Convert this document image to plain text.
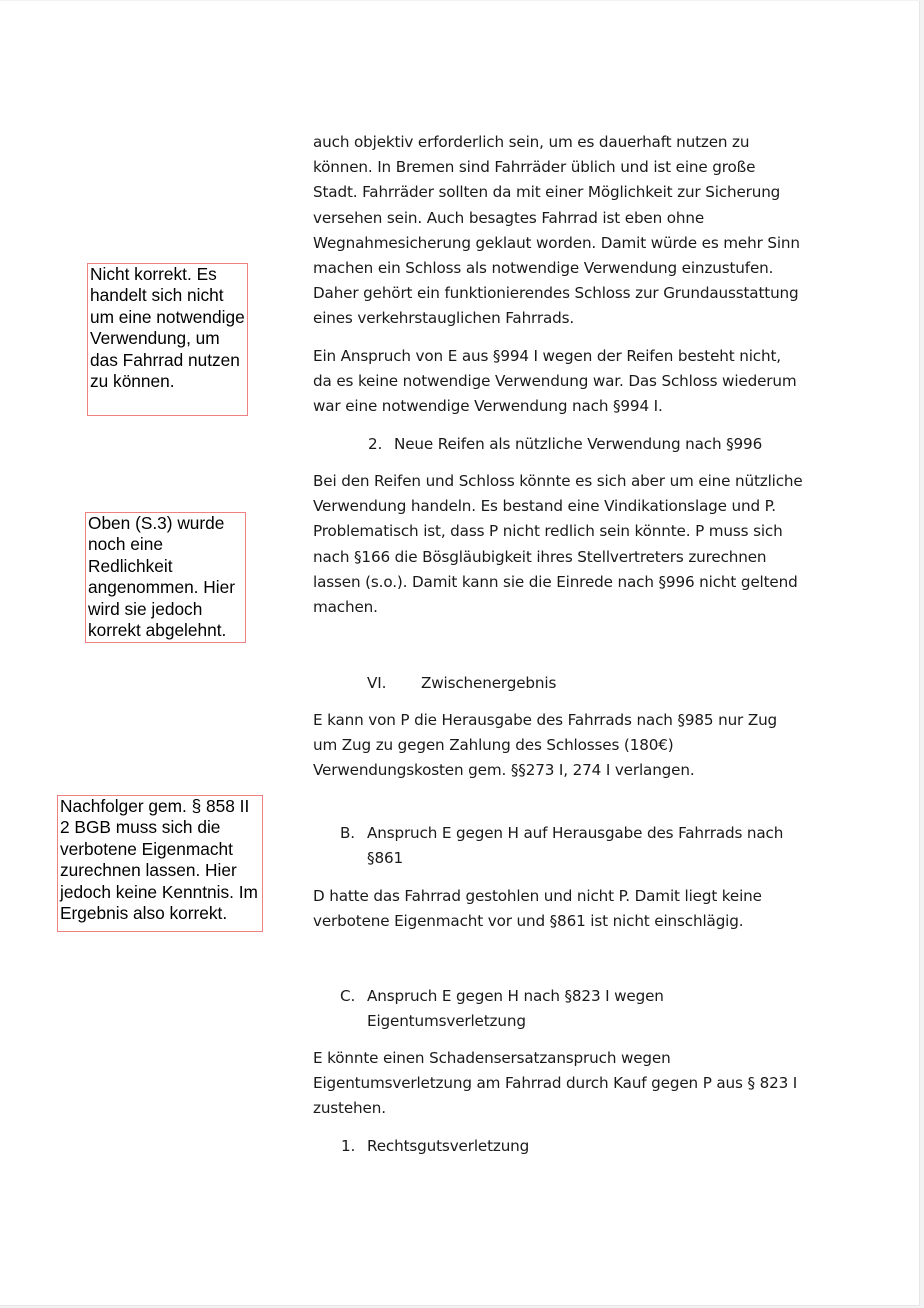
Nicht korrekt. Es handelt sich nicht um eine notwendige Verwendung, um das Fahrrad nutzen zu können.
Oben (S.3) wurde noch eine Redlichkeit angenommen. Hier wird sie jedoch korrekt abgelehnt.
Nachfolger gem. § 858 II 2 BGB muss sich die verbotene Eigenmacht zurechnen lassen. Hier jedoch keine Kenntnis. Im Ergebnis also korrekt.

auch objektiv erforderlich sein, um es dauerhaft nutzen zu können. In Bremen sind Fahrräder üblich und ist eine große Stadt. Fahrräder sollten da mit einer Möglichkeit zur Sicherung versehen sein. Auch besagtes Fahrrad ist eben ohne Wegnahmesicherung geklaut worden. Damit würde es mehr Sinn machen ein Schloss als notwendige Verwendung einzustufen. Daher gehört ein funktionierendes Schloss zur Grundausstattung eines verkehrstauglichen Fahrrads.

Ein Anspruch von E aus §994 I wegen der Reifen besteht nicht, da es keine notwendige Verwendung war. Das Schloss wiederum war eine notwendige Verwendung nach §994 I.

2. Neue Reifen als nützliche Verwendung nach §996

Bei den Reifen und Schloss könnte es sich aber um eine nützliche Verwendung handeln. Es bestand eine Vindikationslage und P. Problematisch ist, dass P nicht redlich sein könnte. P muss sich nach §166 die Bösgläubigkeit ihres Stellvertreters zurechnen lassen (s.o.). Damit kann sie die Einrede nach §996 nicht geltend machen.

VI. Zwischenergebnis

E kann von P die Herausgabe des Fahrrads nach §985 nur Zug um Zug zu gegen Zahlung des Schlosses (180€) Verwendungskosten gem. §§273 I, 274 I verlangen.

B. Anspruch E gegen H auf Herausgabe des Fahrrads nach §861

D hatte das Fahrrad gestohlen und nicht P. Damit liegt keine verbotene Eigenmacht vor und §861 ist nicht einschlägig.

C. Anspruch E gegen H nach §823 I wegen Eigentumsverletzung

E könnte einen Schadensersatzanspruch wegen Eigentumsverletzung am Fahrrad durch Kauf gegen P aus § 823 I zustehen.

1. Rechtsgutsverletzung
